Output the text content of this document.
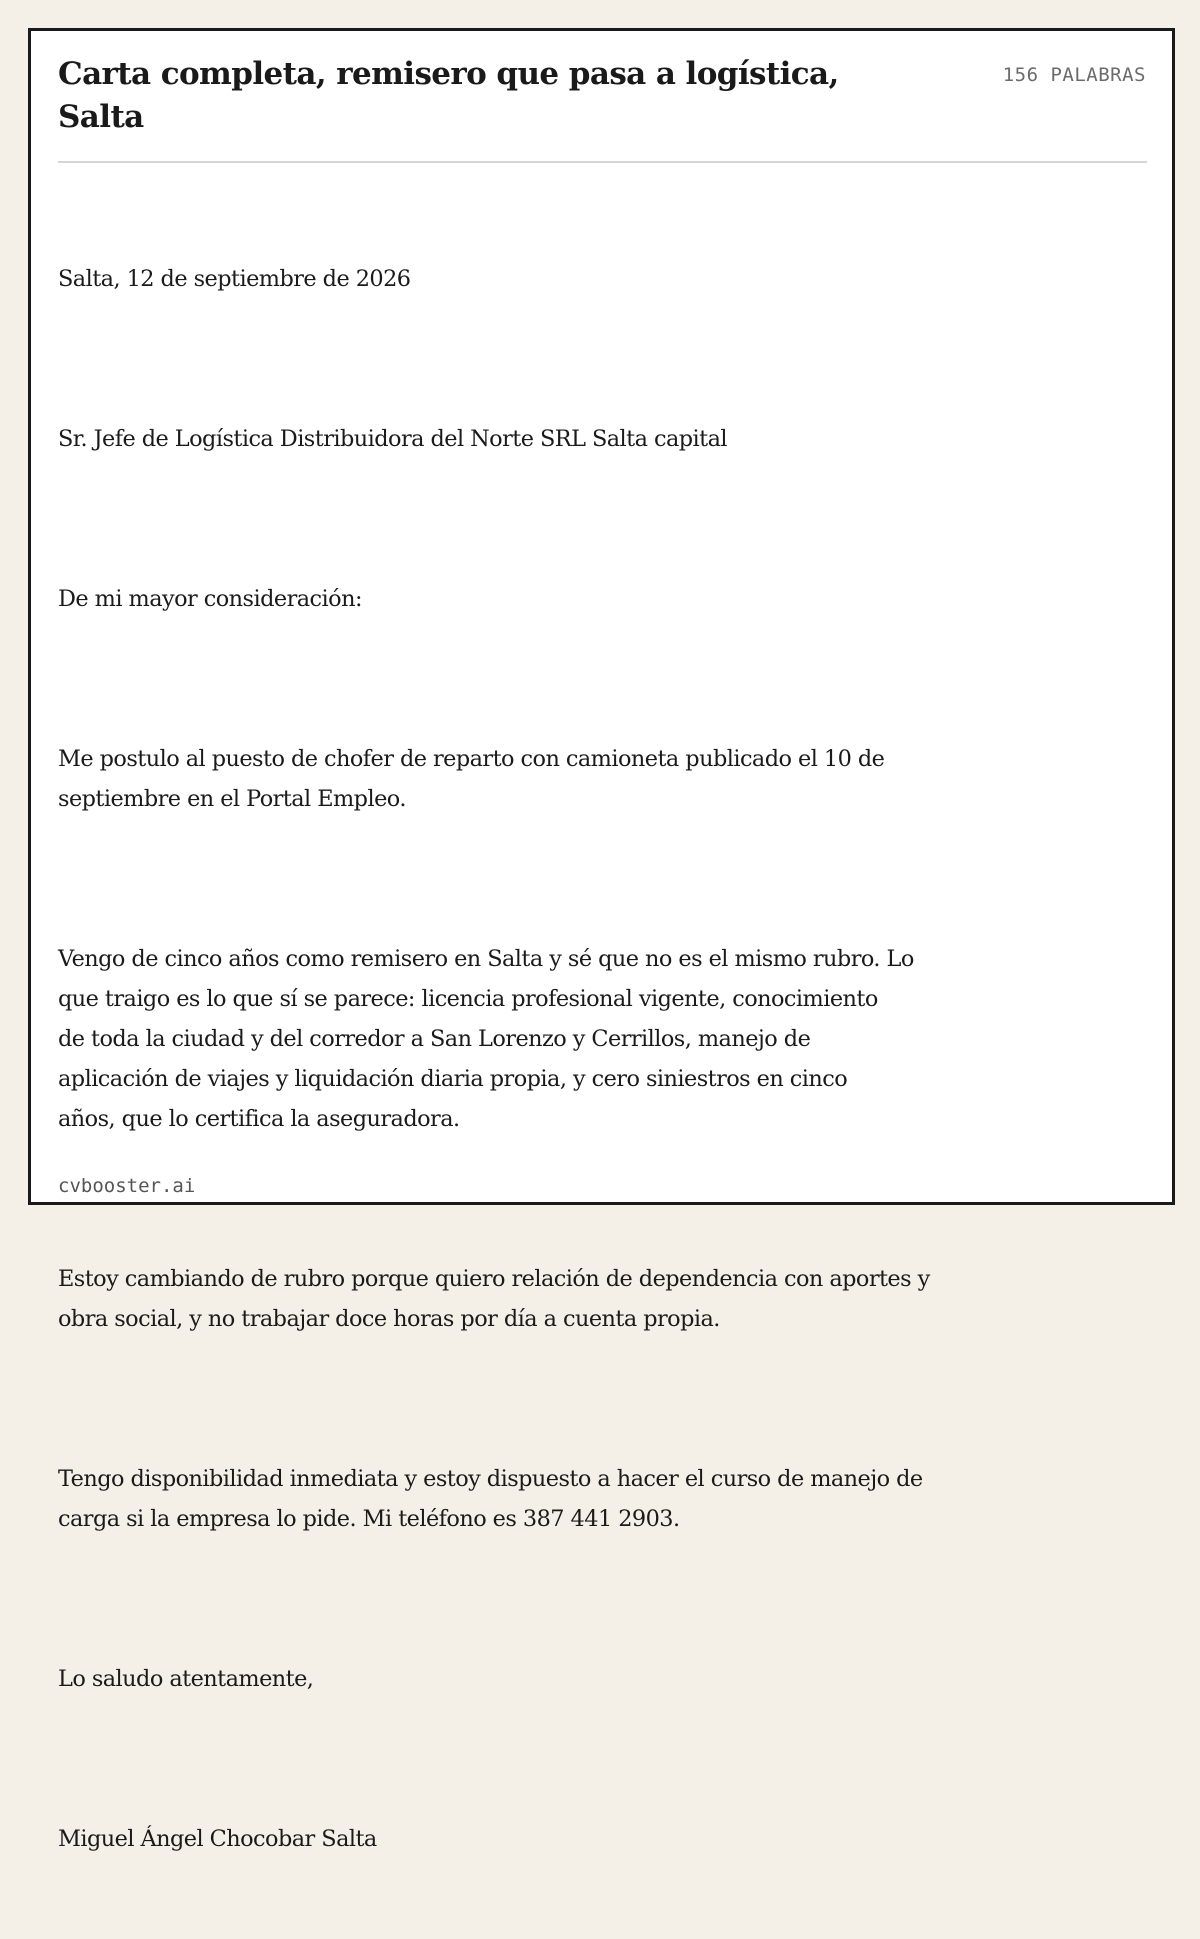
Carta completa, remisero que pasa a logística, Salta
156 PALABRAS

Salta, 12 de septiembre de 2026

Sr. Jefe de Logística Distribuidora del Norte SRL Salta capital

De mi mayor consideración:

Me postulo al puesto de chofer de reparto con camioneta publicado el 10 de
septiembre en el Portal Empleo.

Vengo de cinco años como remisero en Salta y sé que no es el mismo rubro. Lo
que traigo es lo que sí se parece: licencia profesional vigente, conocimiento
de toda la ciudad y del corredor a San Lorenzo y Cerrillos, manejo de
aplicación de viajes y liquidación diaria propia, y cero siniestros en cinco
años, que lo certifica la aseguradora.

Estoy cambiando de rubro porque quiero relación de dependencia con aportes y
obra social, y no trabajar doce horas por día a cuenta propia.

Tengo disponibilidad inmediata y estoy dispuesto a hacer el curso de manejo de
carga si la empresa lo pide. Mi teléfono es 387 441 2903.

Lo saludo atentamente,

Miguel Ángel Chocobar Salta

cvbooster.ai
